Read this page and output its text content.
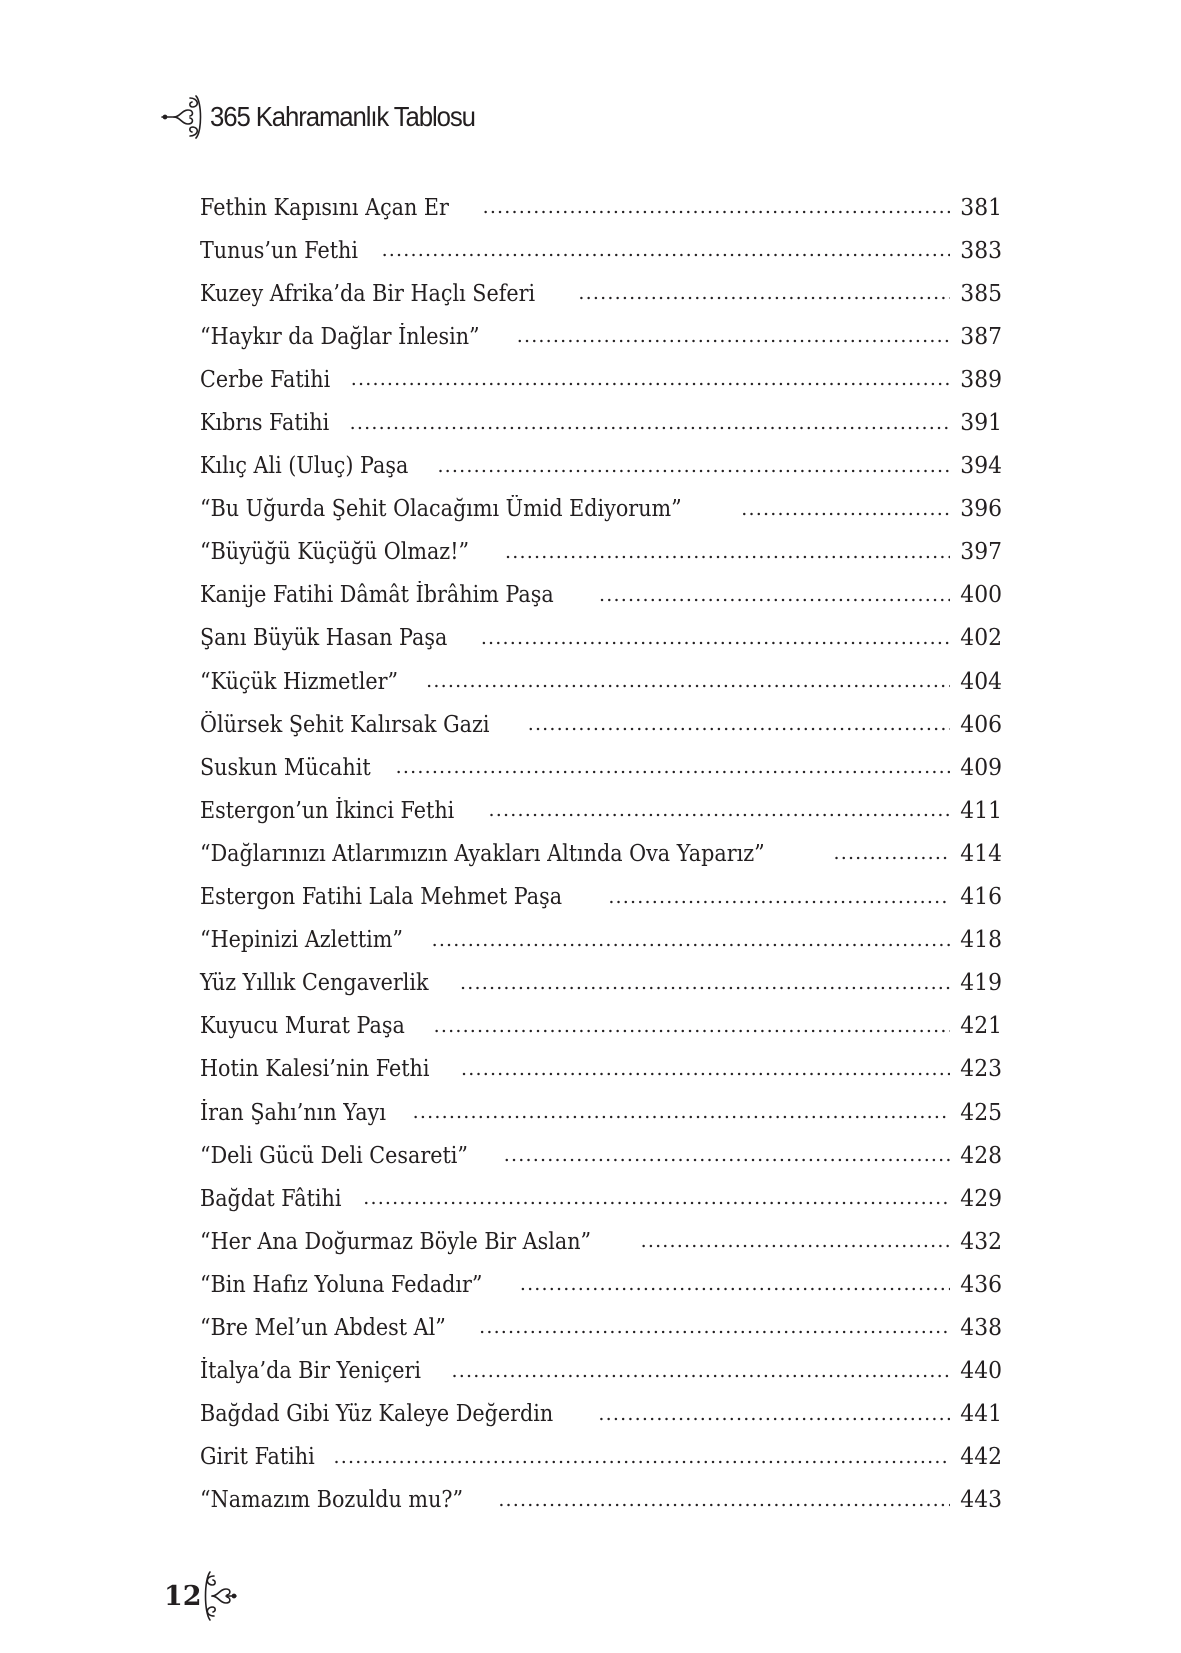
365 Kahramanlık Tablosu
Fethin Kapısını Açan Er .....	381
Tunus’un Fethi .....	383
Kuzey Afrika’da Bir Haçlı Seferi .....	385
“Haykır da Dağlar İnlesin” .....	387
Cerbe Fatihi .....	389
Kıbrıs Fatihi .....	391
Kılıç Ali (Uluç) Paşa .....	394
“Bu Uğurda Şehit Olacağımı Ümid Ediyorum” .....	396
“Büyüğü Küçüğü Olmaz!” .....	397
Kanije Fatihi Dâmât İbrâhim Paşa .....	400
Şanı Büyük Hasan Paşa .....	402
“Küçük Hizmetler” .....	404
Ölürsek Şehit Kalırsak Gazi .....	406
Suskun Mücahit .....	409
Estergon’un İkinci Fethi .....	411
“Dağlarınızı Atlarımızın Ayakları Altında Ova Yaparız” .....	414
Estergon Fatihi Lala Mehmet Paşa .....	416
“Hepinizi Azlettim” .....	418
Yüz Yıllık Cengaverlik .....	419
Kuyucu Murat Paşa .....	421
Hotin Kalesi’nin Fethi .....	423
İran Şahı’nın Yayı .....	425
“Deli Gücü Deli Cesareti” .....	428
Bağdat Fâtihi .....	429
“Her Ana Doğurmaz Böyle Bir Aslan” .....	432
“Bin Hafız Yoluna Fedadır” .....	436
“Bre Mel’un Abdest Al” .....	438
İtalya’da Bir Yeniçeri .....	440
Bağdad Gibi Yüz Kaleye Değerdin .....	441
Girit Fatihi .....	442
“Namazım Bozuldu mu?” .....	443
12
